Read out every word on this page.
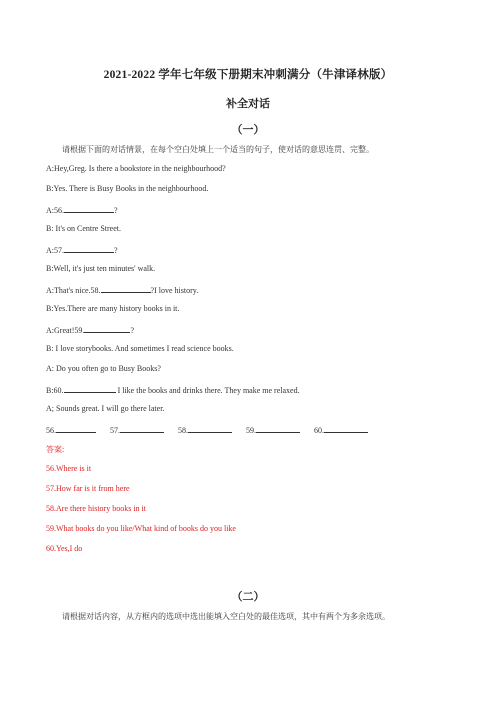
2021-2022 学年七年级下册期末冲刺满分（牛津译林版）
补全对话
（一）
请根据下面的对话情景，在每个空白处填上一个适当的句子，使对话的意思连贯、完整。
A:Hey,Greg. Is there a bookstore in the neighbourhood?
B:Yes. There is Busy Books in the neighbourhood.
A:56.	?
B: It's on Centre Street.
A:57.	?
B:Well, it's just ten minutes' walk.
A:That's nice.58.	?I love history.
B:Yes.There are many history books in it.
A:Great!59.	?
B: I love storybooks. And sometimes I read science books.
A: Do you often go to Busy Books?
B:60.	I like the books and drinks there. They make me relaxed.
A; Sounds great. I will go there later.
56.	57.	58.	59.	60.
答案:
56.Where is it
57.How far is it from here
58.Are there history books in it
59.What books do you like/What kind of books do you like
60.Yes,I do
（二）
请根据对话内容，从方框内的选项中选出能填入空白处的最佳选项，其中有两个为多余选项。
